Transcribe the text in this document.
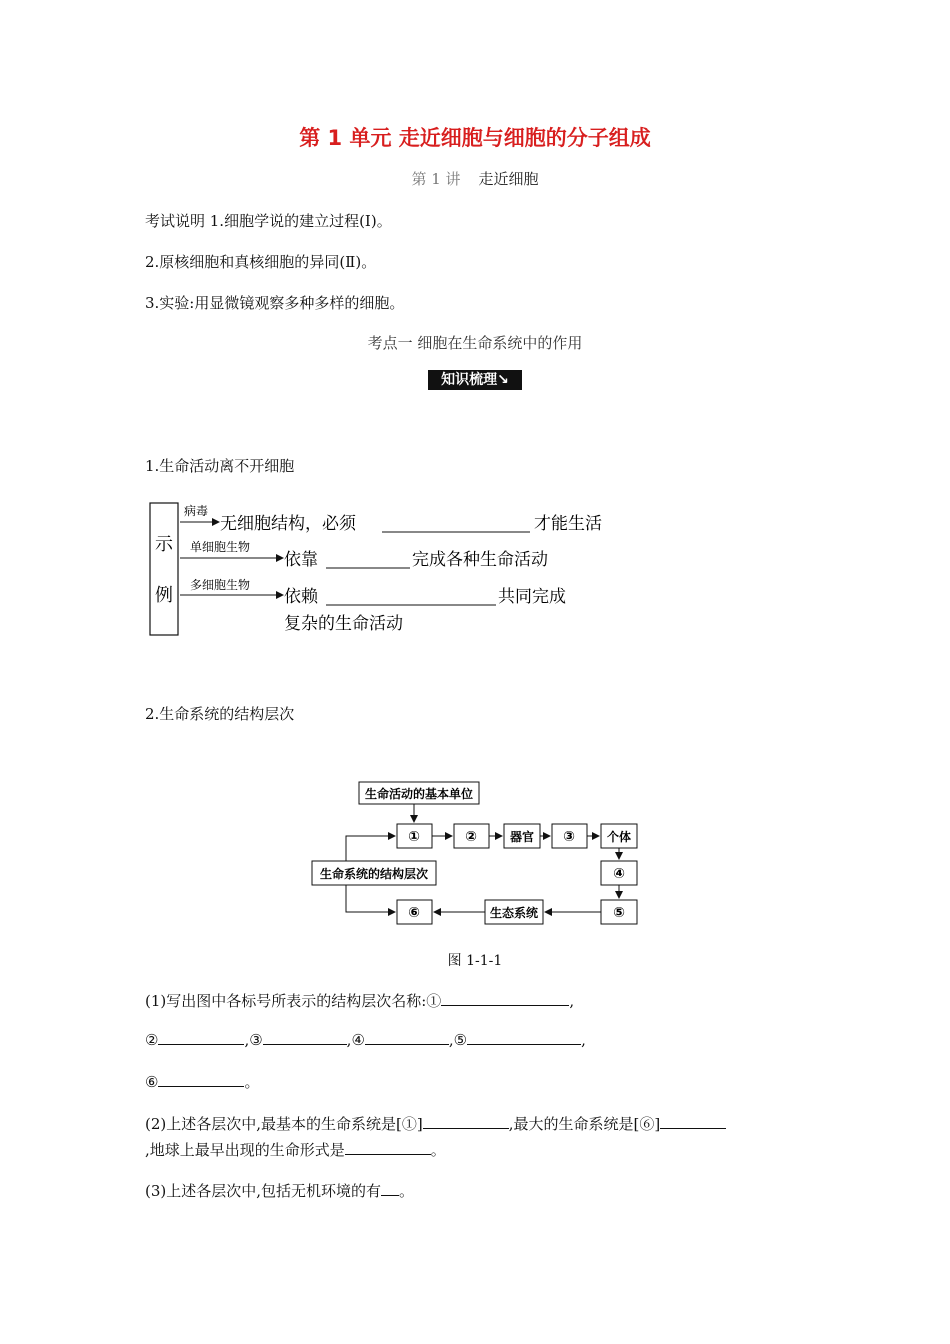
第 1 单元 走近细胞与细胞的分子组成
第 1 讲 走近细胞
考试说明 1.细胞学说的建立过程(Ⅰ)。
2.原核细胞和真核细胞的异同(Ⅱ)。
3.实验:用显微镜观察多种多样的细胞。
考点一 细胞在生命系统中的作用
知识梳理↘
1.生命活动离不开细胞
示
例
病毒
无细胞结构，必须	才能生活
单细胞生物
依靠	完成各种生命活动
多细胞生物
依赖	共同完成
复杂的生命活动
2.生命系统的结构层次
生命活动的基本单位
①	②	器官 ③	个体
④
⑤
生态系统
⑥
生命系统的结构层次
图 1-1-1
(1)写出图中各标号所表示的结构层次名称:①	,
②	,③	,④	,⑤	,
⑥	。
(2)上述各层次中,最基本的生命系统是[①]	,最大的生命系统是[⑥]
,地球上最早出现的生命形式是	。
(3)上述各层次中,包括无机环境的有 。
